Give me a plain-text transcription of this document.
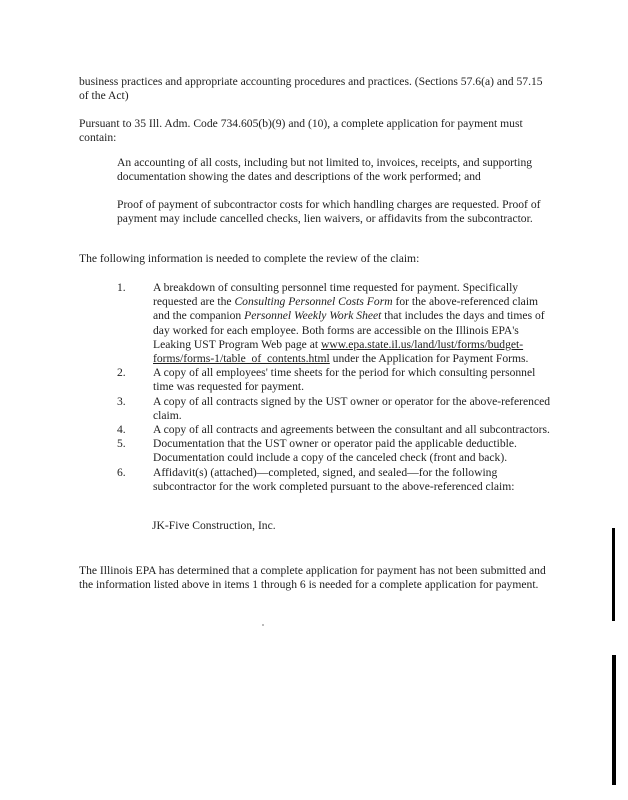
business practices and appropriate accounting procedures and practices. (Sections 57.6(a) and 57.15 of the Act)

Pursuant to 35 Ill. Adm. Code 734.605(b)(9) and (10), a complete application for payment must contain:

An accounting of all costs, including but not limited to, invoices, receipts, and supporting documentation showing the dates and descriptions of the work performed; and

Proof of payment of subcontractor costs for which handling charges are requested. Proof of payment may include cancelled checks, lien waivers, or affidavits from the subcontractor.

The following information is needed to complete the review of the claim:

1. A breakdown of consulting personnel time requested for payment. Specifically requested are the Consulting Personnel Costs Form for the above-referenced claim and the companion Personnel Weekly Work Sheet that includes the days and times of day worked for each employee. Both forms are accessible on the Illinois EPA's Leaking UST Program Web page at www.epa.state.il.us/land/lust/forms/budget-forms/forms-1/table_of_contents.html under the Application for Payment Forms.
2. A copy of all employees' time sheets for the period for which consulting personnel time was requested for payment.
3. A copy of all contracts signed by the UST owner or operator for the above-referenced claim.
4. A copy of all contracts and agreements between the consultant and all subcontractors.
5. Documentation that the UST owner or operator paid the applicable deductible. Documentation could include a copy of the canceled check (front and back).
6. Affidavit(s) (attached)—completed, signed, and sealed—for the following subcontractor for the work completed pursuant to the above-referenced claim:

JK-Five Construction, Inc.

The Illinois EPA has determined that a complete application for payment has not been submitted and the information listed above in items 1 through 6 is needed for a complete application for payment.
